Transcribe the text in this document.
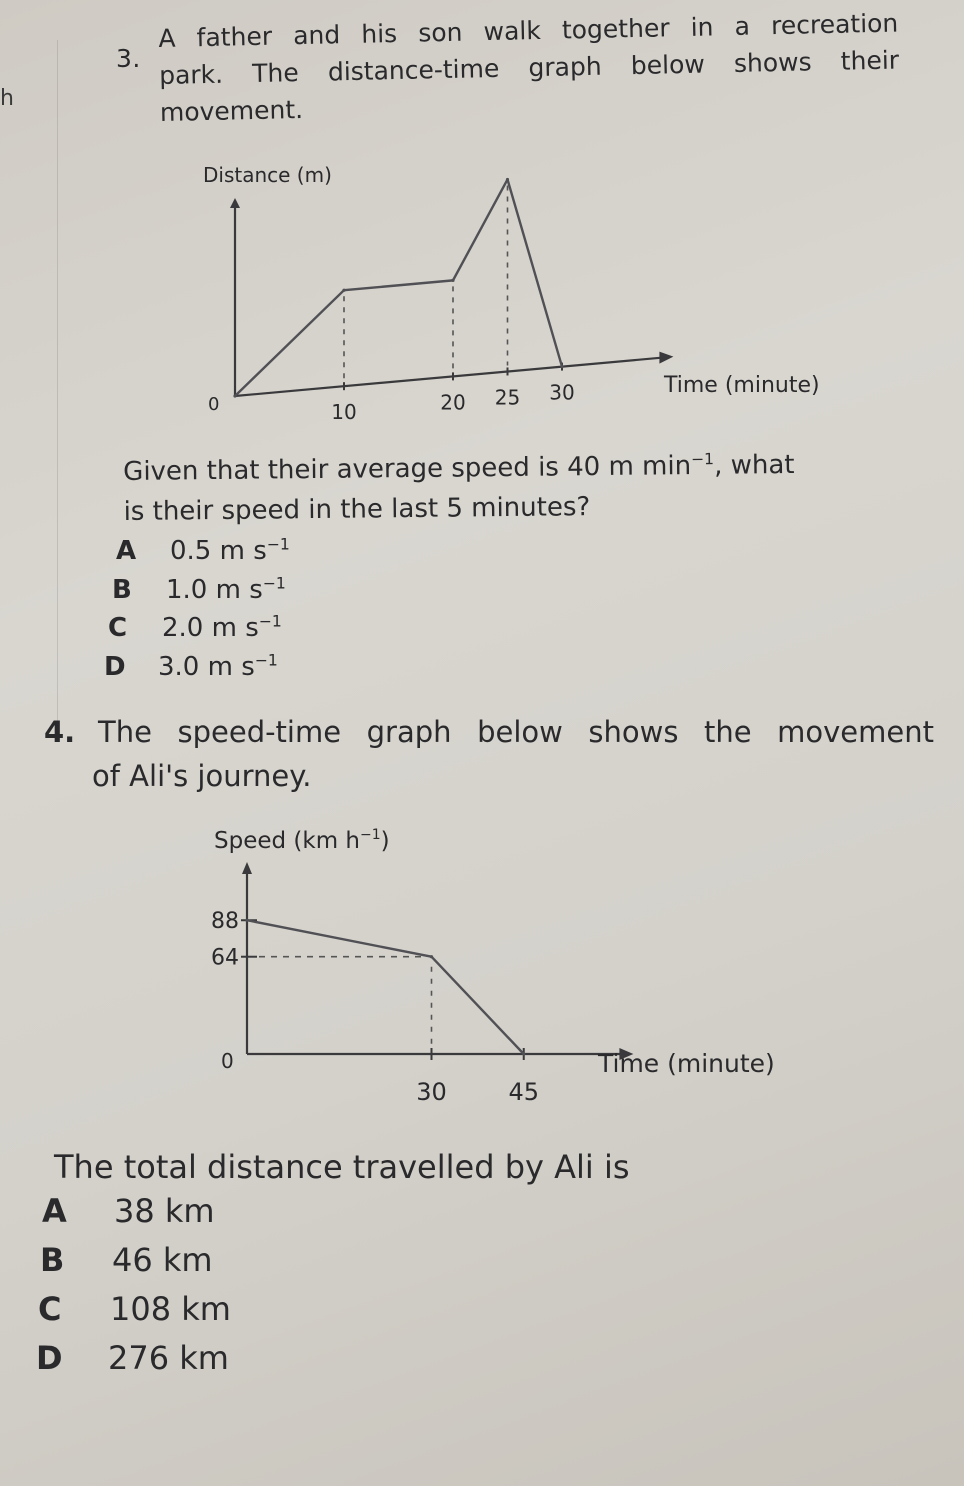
h
3.
A father and his son walk together in a recreation
park. The distance-time graph below shows their
movement.
Distance (m)
Time (minute)
0	10	20 25 30
Given that their average speed is 40 m $\min^{-1}$, what
is their speed in the last 5 minutes?
A 0.5 m $s^{-1}$
B 1.0 m $s^{-1}$
C 2.0 m $s^{-1}$
D 3.0 m $s^{-1}$
4. The speed-time graph below shows the movement
of Ali's journey.
Speed (km $h^{-1}$)
Time (minute)
0
88
64
30	45
The total distance travelled by Ali is
A 38 km
B 46 km
C 108 km
D 276 km
